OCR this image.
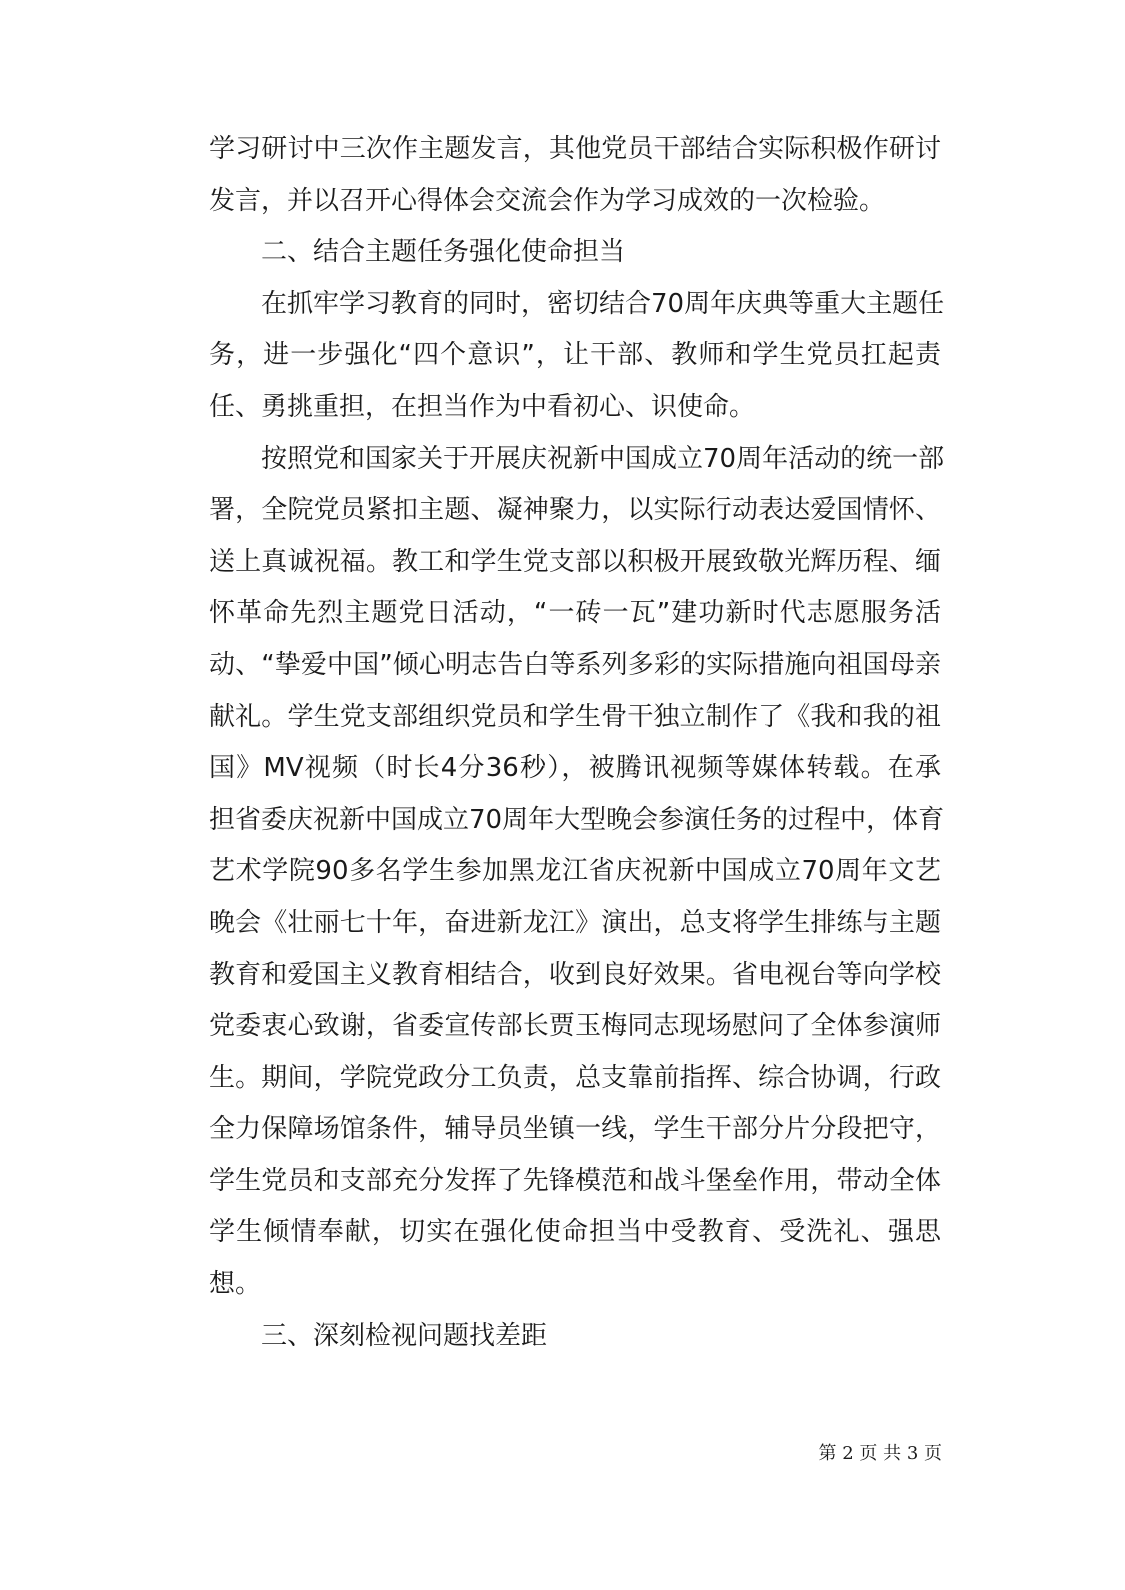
学习研讨中三次作主题发言，其他党员干部结合实际积极作研讨
发言，并以召开心得体会交流会作为学习成效的一次检验。
二、结合主题任务强化使命担当
在抓牢学习教育的同时，密切结合70周年庆典等重大主题任
务，进一步强化“四个意识”，让干部、教师和学生党员扛起责
任、勇挑重担，在担当作为中看初心、识使命。
按照党和国家关于开展庆祝新中国成立70周年活动的统一部
署，全院党员紧扣主题、凝神聚力，以实际行动表达爱国情怀、
送上真诚祝福。教工和学生党支部以积极开展致敬光辉历程、缅
怀革命先烈主题党日活动，“一砖一瓦”建功新时代志愿服务活
动、“挚爱中国”倾心明志告白等系列多彩的实际措施向祖国母亲
献礼。学生党支部组织党员和学生骨干独立制作了《我和我的祖
国》MV视频（时长4分36秒），被腾讯视频等媒体转载。在承
担省委庆祝新中国成立70周年大型晚会参演任务的过程中，体育
艺术学院90多名学生参加黑龙江省庆祝新中国成立70周年文艺
晚会《壮丽七十年，奋进新龙江》演出，总支将学生排练与主题
教育和爱国主义教育相结合，收到良好效果。省电视台等向学校
党委衷心致谢，省委宣传部长贾玉梅同志现场慰问了全体参演师
生。期间，学院党政分工负责，总支靠前指挥、综合协调，行政
全力保障场馆条件，辅导员坐镇一线，学生干部分片分段把守，
学生党员和支部充分发挥了先锋模范和战斗堡垒作用，带动全体
学生倾情奉献，切实在强化使命担当中受教育、受洗礼、强思
想。
三、深刻检视问题找差距
第 2 页 共 3 页
